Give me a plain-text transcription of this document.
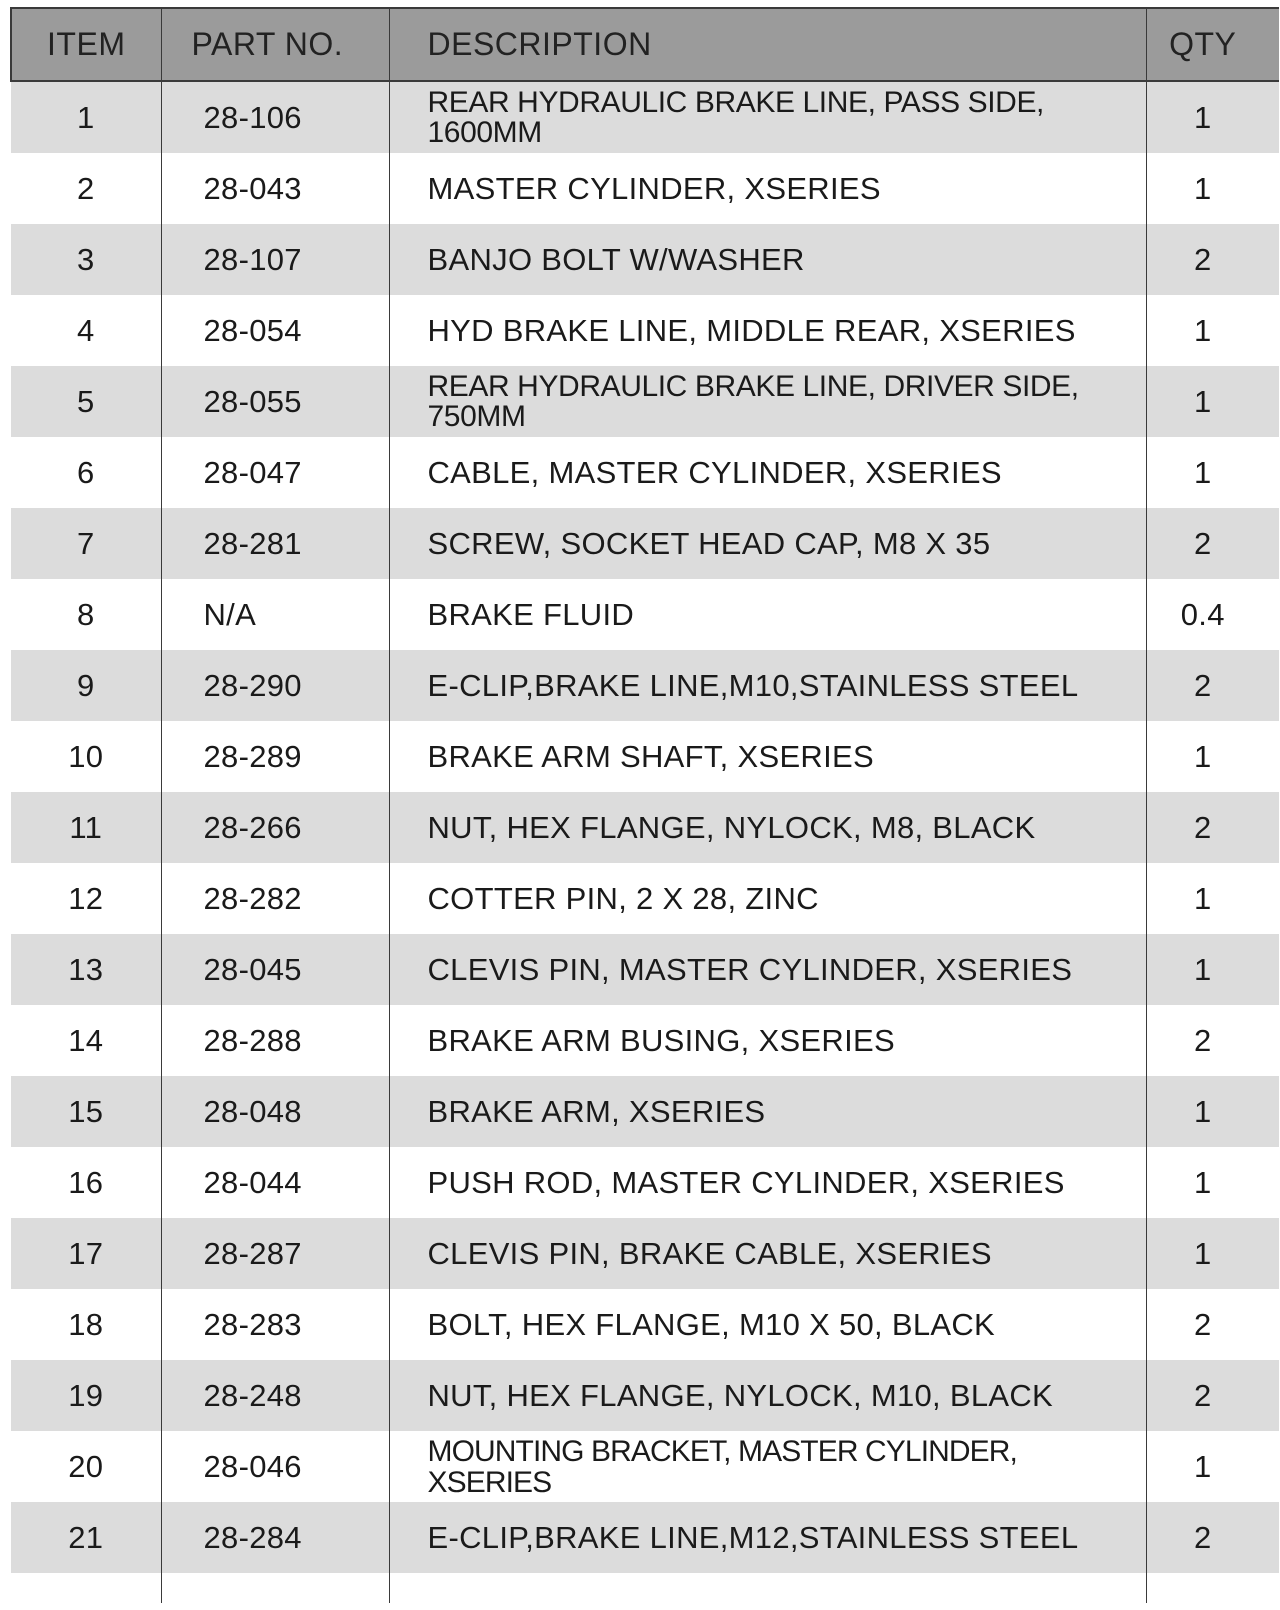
ITEM	PART NO.	DESCRIPTION	QTY
1	28-106	REAR HYDRAULIC BRAKE LINE, PASS SIDE, 1600MM	1
2	28-043	MASTER CYLINDER, XSERIES	1
3	28-107	BANJO BOLT W/WASHER	2
4	28-054	HYD BRAKE LINE, MIDDLE REAR, XSERIES	1
5	28-055	REAR HYDRAULIC BRAKE LINE, DRIVER SIDE, 750MM	1
6	28-047	CABLE, MASTER CYLINDER, XSERIES	1
7	28-281	SCREW, SOCKET HEAD CAP, M8 X 35	2
8	N/A	BRAKE FLUID	0.4
9	28-290	E-CLIP,BRAKE LINE,M10,STAINLESS STEEL	2
10	28-289	BRAKE ARM SHAFT, XSERIES	1
11	28-266	NUT, HEX FLANGE, NYLOCK, M8, BLACK	2
12	28-282	COTTER PIN, 2 X 28, ZINC	1
13	28-045	CLEVIS PIN, MASTER CYLINDER, XSERIES	1
14	28-288	BRAKE ARM BUSING, XSERIES	2
15	28-048	BRAKE ARM, XSERIES	1
16	28-044	PUSH ROD, MASTER CYLINDER, XSERIES	1
17	28-287	CLEVIS PIN, BRAKE CABLE, XSERIES	1
18	28-283	BOLT, HEX FLANGE, M10 X 50, BLACK	2
19	28-248	NUT, HEX FLANGE, NYLOCK, M10, BLACK	2
20	28-046	MOUNTING BRACKET, MASTER CYLINDER, XSERIES	1
21	28-284	E-CLIP,BRAKE LINE,M12,STAINLESS STEEL	2
